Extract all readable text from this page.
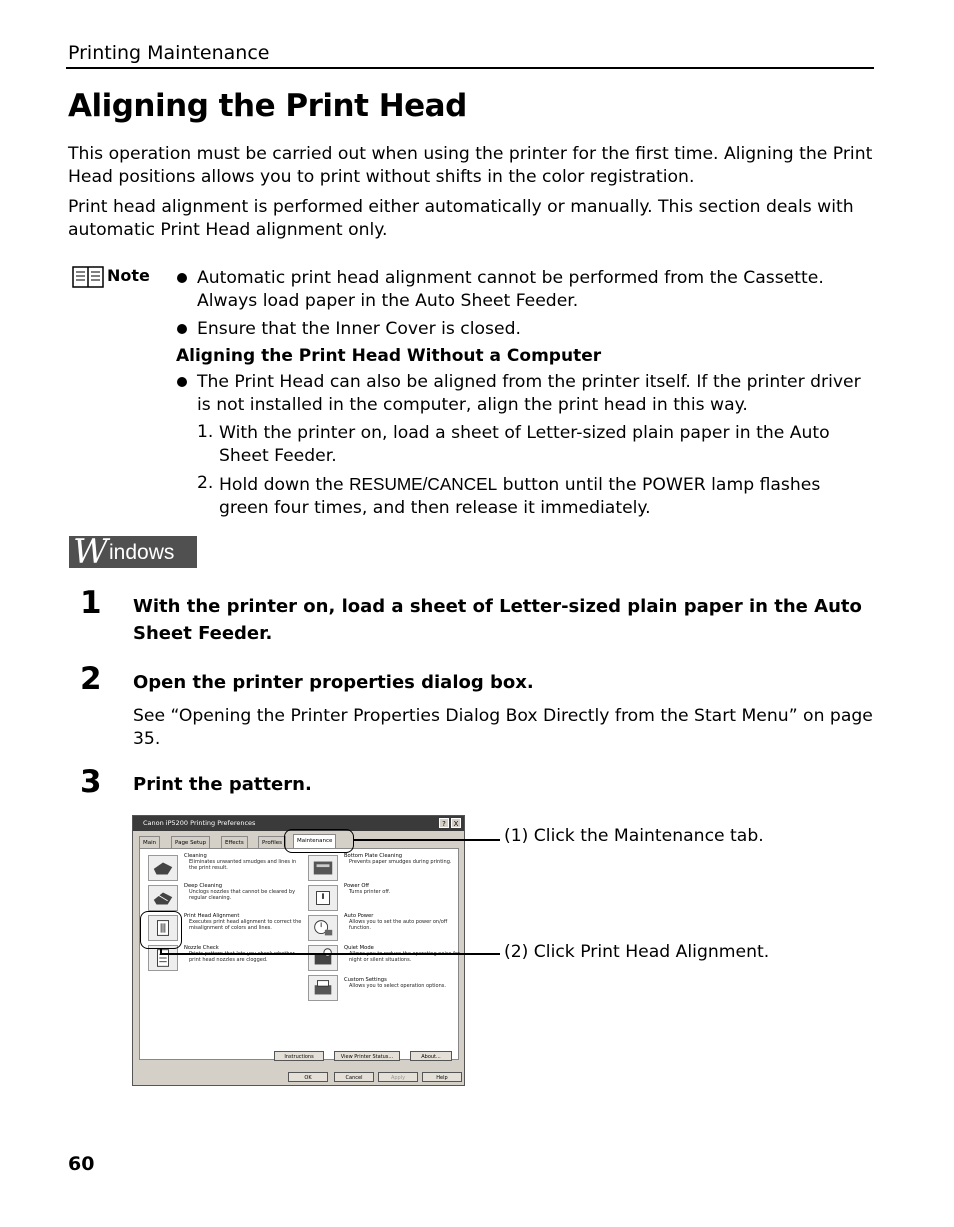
Printing Maintenance
Aligning the Print Head
This operation must be carried out when using the printer for the first time. Aligning the Print Head positions allows you to print without shifts in the color registration.
Print head alignment is performed either automatically or manually. This section deals with automatic Print Head alignment only.
Note	Automatic print head alignment cannot be performed from the Cassette. Always load paper in the Auto Sheet Feeder.
Ensure that the Inner Cover is closed.
Aligning the Print Head Without a Computer
The Print Head can also be aligned from the printer itself. If the printer driver is not installed in the computer, align the print head in this way.
1. With the printer on, load a sheet of Letter-sized plain paper in the Auto Sheet Feeder.
2. Hold down the RESUME/CANCEL button until the POWER lamp flashes green four times, and then release it immediately.
W indows
1 With the printer on, load a sheet of Letter-sized plain paper in the Auto Sheet Feeder.
2 Open the printer properties dialog box.
See “Opening the Printer Properties Dialog Box Directly from the Start Menu” on page 35.
3 Print the pattern.
Canon iP5200 Printing Preferences	?	X
Main	Page Setup	Effects	Profiles	Maintenance
Cleaning
Eliminates unwanted smudges and lines in the print result.
Deep Cleaning
Unclogs nozzles that cannot be cleared by regular cleaning.
Print Head Alignment
Executes print head alignment to correct the misalignment of colors and lines.
Nozzle Check
print head nozzles are clogged.
Bottom Plate Cleaning
Prevents paper smudges during printing.
Power Off
Turns printer off.
Auto Power
Allows you to set the auto power on/off function.
Quiet Mode
night or silent situations.
Custom Settings
Allows you to select operation options.
Instructions	View Printer Status...	About...
OK	Cancel	Apply	Help
(1) Click the Maintenance tab.
(2) Click Print Head Alignment.
60
